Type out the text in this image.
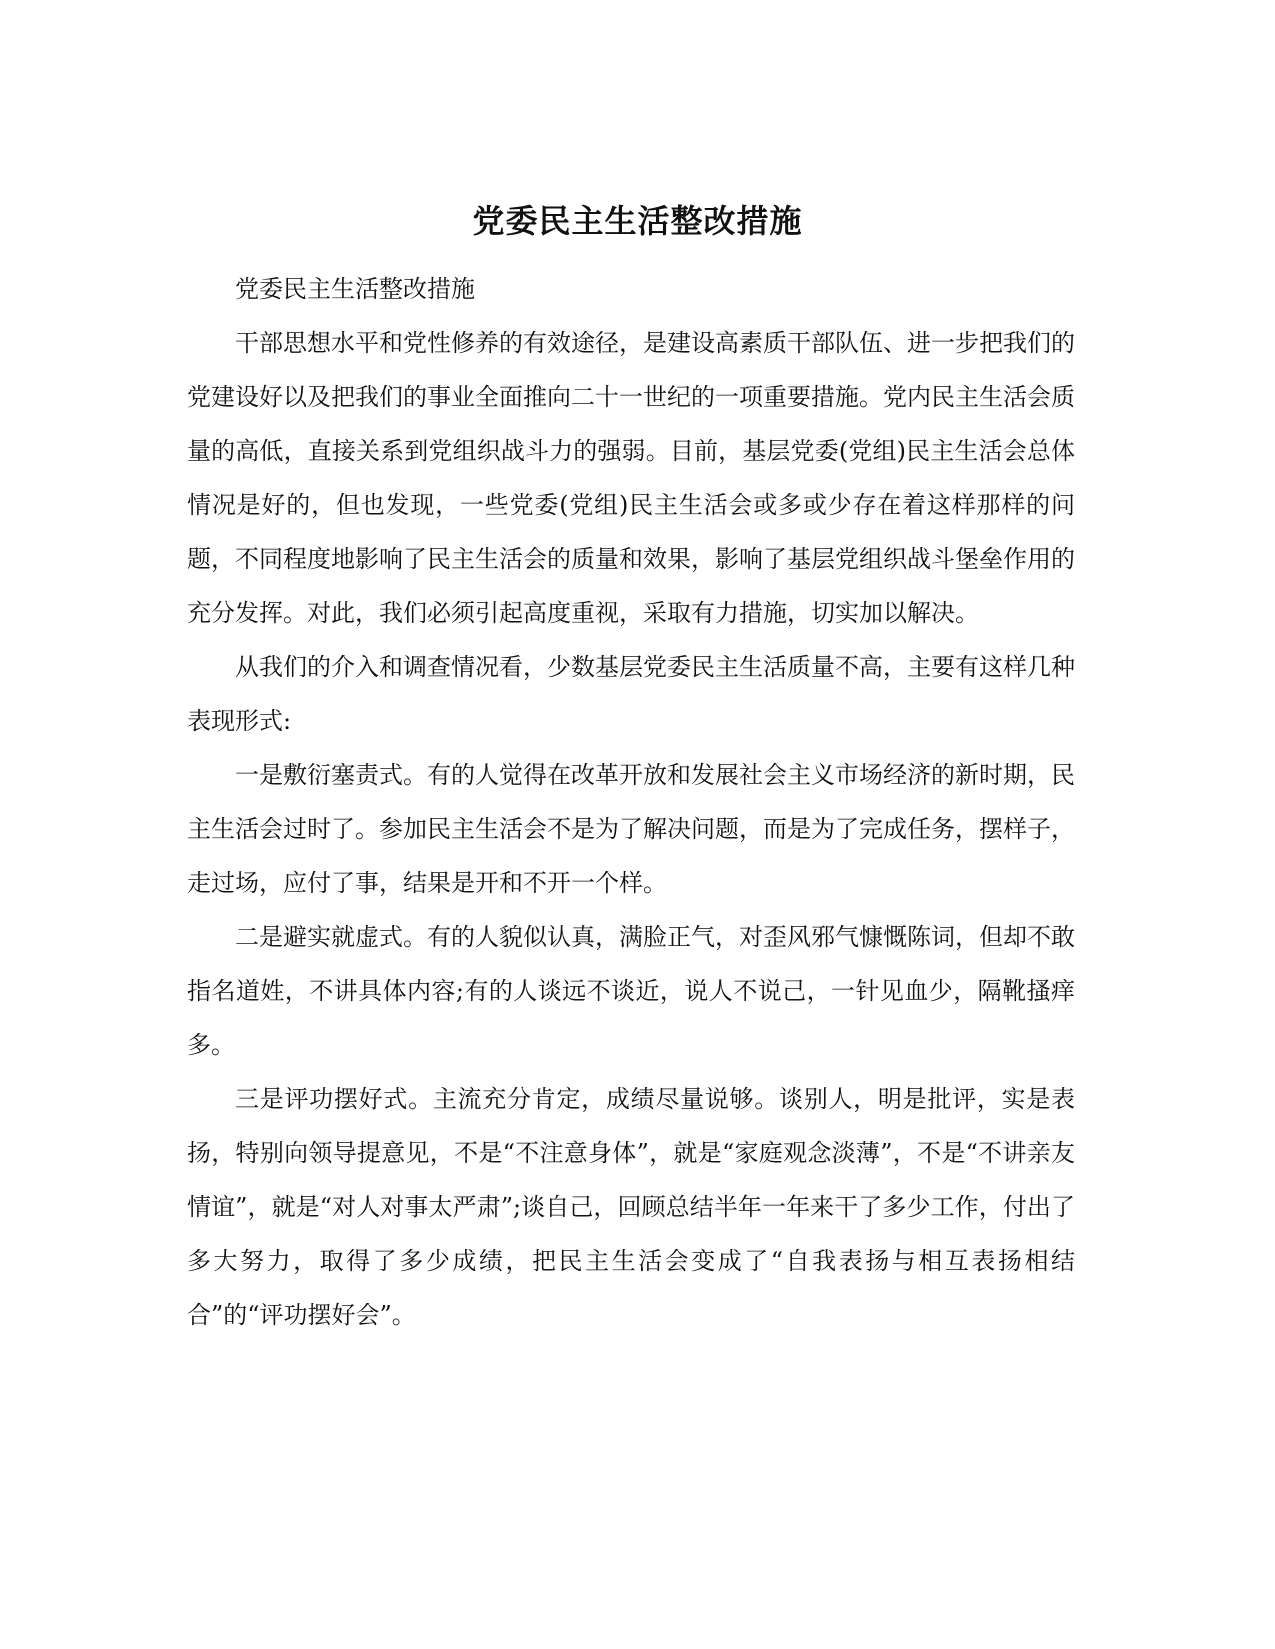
党委民主生活整改措施

党委民主生活整改措施

干部思想水平和党性修养的有效途径，是建设高素质干部队伍、进一步把我们的党建设好以及把我们的事业全面推向二十一世纪的一项重要措施。党内民主生活会质量的高低，直接关系到党组织战斗力的强弱。目前，基层党委(党组)民主生活会总体情况是好的，但也发现，一些党委(党组)民主生活会或多或少存在着这样那样的问题，不同程度地影响了民主生活会的质量和效果，影响了基层党组织战斗堡垒作用的充分发挥。对此，我们必须引起高度重视，采取有力措施，切实加以解决。

从我们的介入和调查情况看，少数基层党委民主生活质量不高，主要有这样几种表现形式:

一是敷衍塞责式。有的人觉得在改革开放和发展社会主义市场经济的新时期，民主生活会过时了。参加民主生活会不是为了解决问题，而是为了完成任务，摆样子，走过场，应付了事，结果是开和不开一个样。

二是避实就虚式。有的人貌似认真，满脸正气，对歪风邪气慷慨陈词，但却不敢指名道姓，不讲具体内容;有的人谈远不谈近，说人不说己，一针见血少，隔靴搔痒多。

三是评功摆好式。主流充分肯定，成绩尽量说够。谈别人，明是批评，实是表扬，特别向领导提意见，不是“不注意身体”，就是“家庭观念淡薄”，不是“不讲亲友情谊”，就是“对人对事太严肃”;谈自己，回顾总结半年一年来干了多少工作，付出了多大努力，取得了多少成绩，把民主生活会变成了“自我表扬与相互表扬相结合”的“评功摆好会”。
